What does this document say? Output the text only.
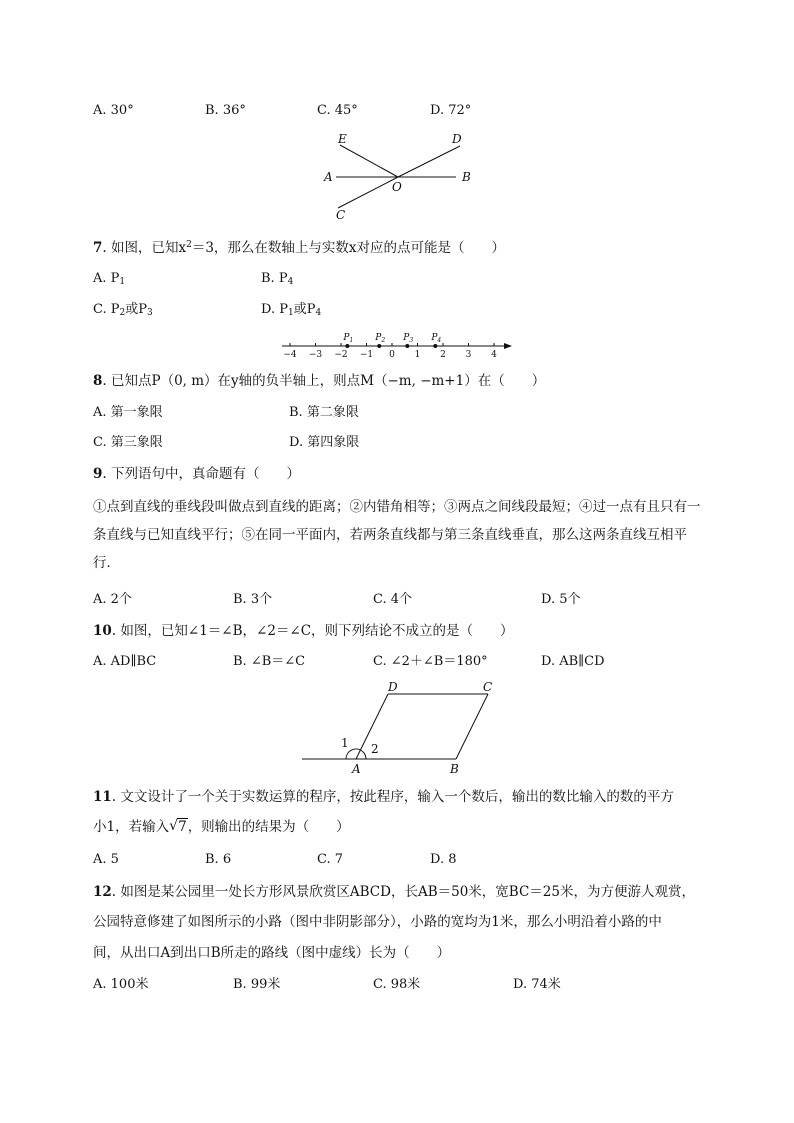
A. 30°	B. 36°	C. 45°	D. 72°
E	D
A
O
B
C
7. 如图，已知$x^2=3$，那么在数轴上与实数x对应的点可能是（　　）
A. $P_1$	B. $P_4$
C. $P_2$或$P_3$	D. $P_1$或$P_4$
−4 −3 −2 −1 0 1 2 3 4
$P_1$ $P_2$ $P_3$ $P_4$
8. 已知点P（0, m）在y轴的负半轴上，则点M（−m, −m+1）在（　　）
A. 第一象限	B. 第二象限
C. 第三象限	D. 第四象限
9. 下列语句中，真命题有（　　）
①点到直线的垂线段叫做点到直线的距离；②内错角相等；③两点之间线段最短；④过一点有且只有一条直线与已知直线平行；⑤在同一平面内，若两条直线都与第三条直线垂直，那么这两条直线互相平行．
A. 2个	B. 3个	C. 4个	D. 5个
10. 如图，已知∠1＝∠B，∠2＝∠C，则下列结论不成立的是（　　）
A. AD∥BC	B. ∠B＝∠C	C. ∠2＋∠B＝180°	D. AB∥CD
D	C
A	B
1 2
11. 文文设计了一个关于实数运算的程序，按此程序，输入一个数后，输出的数比输入的数的平方
小1，若输入 √ 7，则输出的结果为（　　）
A. 5	B. 6	C. 7	D. 8
12. 如图是某公园里一处长方形风景欣赏区ABCD，长AB＝50米，宽BC＝25米，为方便游人观赏，
公园特意修建了如图所示的小路（图中非阴影部分），小路的宽均为1米，那么小明沿着小路的中
间，从出口A到出口B所走的路线（图中虚线）长为（　　）
A. 100米	B. 99米	C. 98米	D. 74米
